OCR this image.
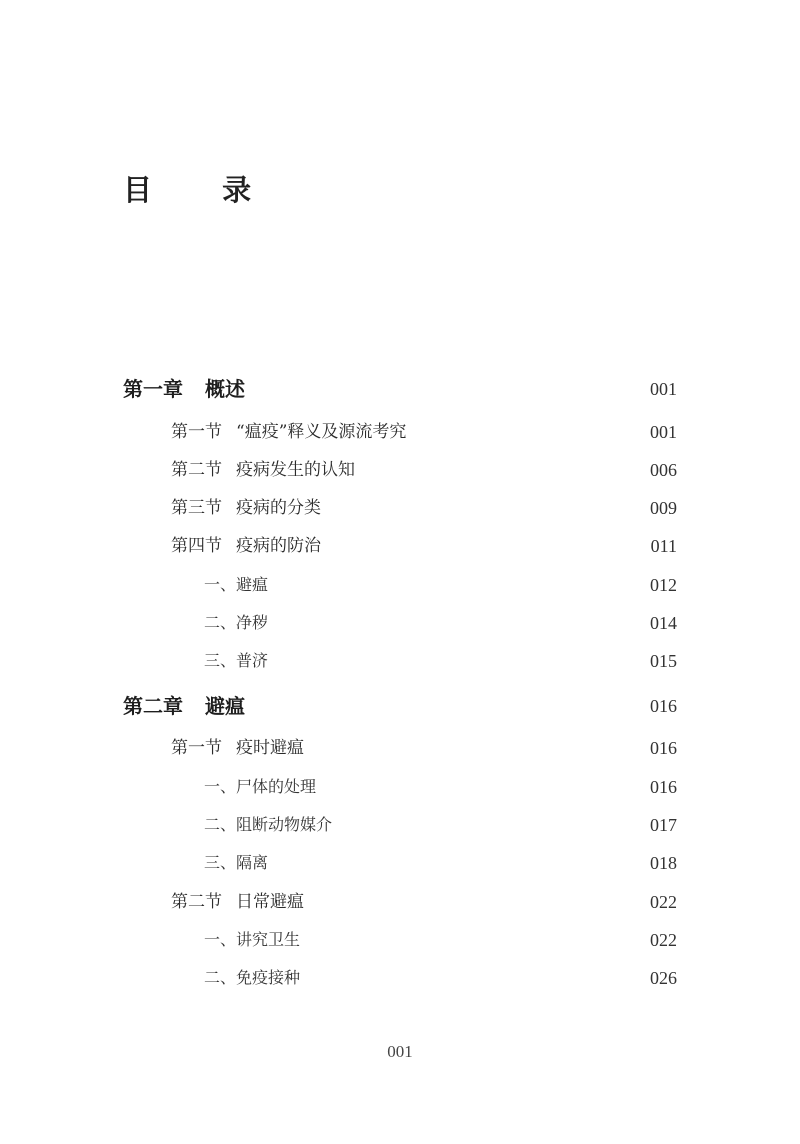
目 录
第一章 概述	001
第一节 “瘟疫”释义及源流考究	001
第二节 疫病发生的认知	006
第三节 疫病的分类	009
第四节 疫病的防治	011
一、避瘟	012
二、净秽	014
三、普济	015
第二章 避瘟	016
第一节 疫时避瘟	016
一、尸体的处理	016
二、阻断动物媒介	017
三、隔离	018
第二节 日常避瘟	022
一、讲究卫生	022
二、免疫接种	026
001
